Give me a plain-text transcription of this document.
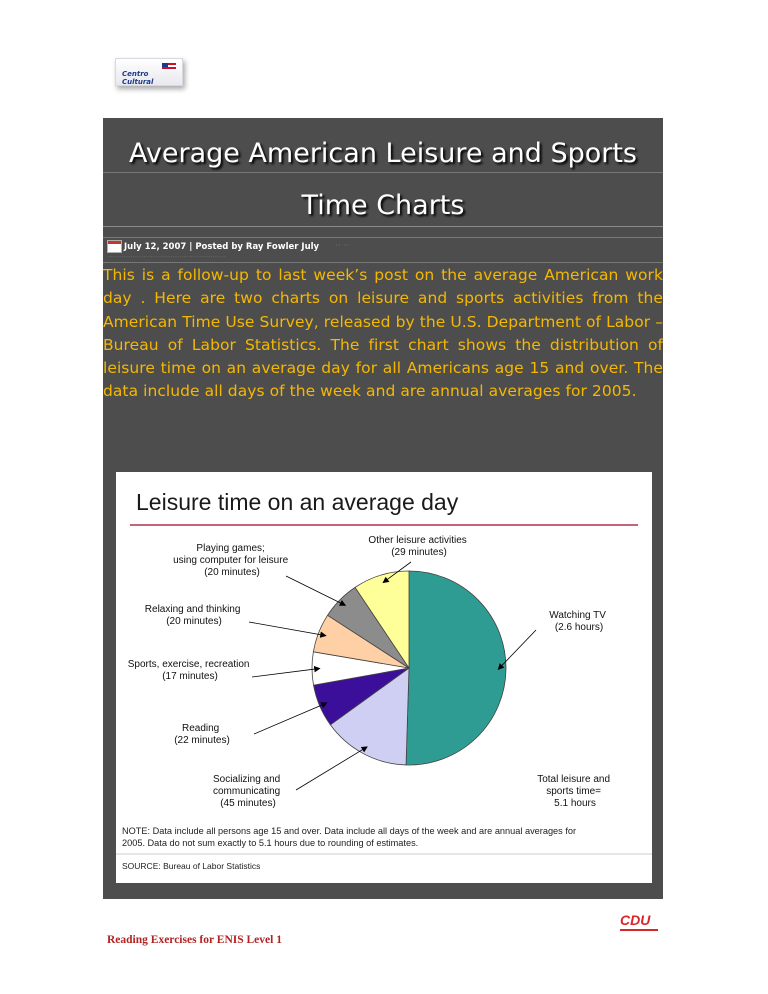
Centro Cultural
Average American Leisure and Sports
Time Charts
July 12, 2007 | Posted by Ray Fowler July
·····················································
·· ··
This is a follow-up to last week’s post on the average American work day . Here are two charts on leisure and sports activities from the American Time Use Survey, released by the U.S. Department of Labor – Bureau of Labor Statistics. The first chart shows the distribution of leisure time on an average day for all Americans age 15 and over. The data include all days of the week and are annual averages for 2005.
Leisure time on an average day
Other leisure activities (29 minutes)
Playing games; using computer for leisure (20 minutes)
Relaxing and thinking (20 minutes)
Sports, exercise, recreation (17 minutes)
Reading (22 minutes)
Socializing and communicating (45 minutes)
Watching TV (2.6 hours)
Total leisure and sports time= 5.1 hours
NOTE: Data include all persons age 15 and over. Data include all days of the week and are annual averages for
2005. Data do not sum exactly to 5.1 hours due to rounding of estimates.
SOURCE: Bureau of Labor Statistics
Reading Exercises for ENIS Level 1
CDU
